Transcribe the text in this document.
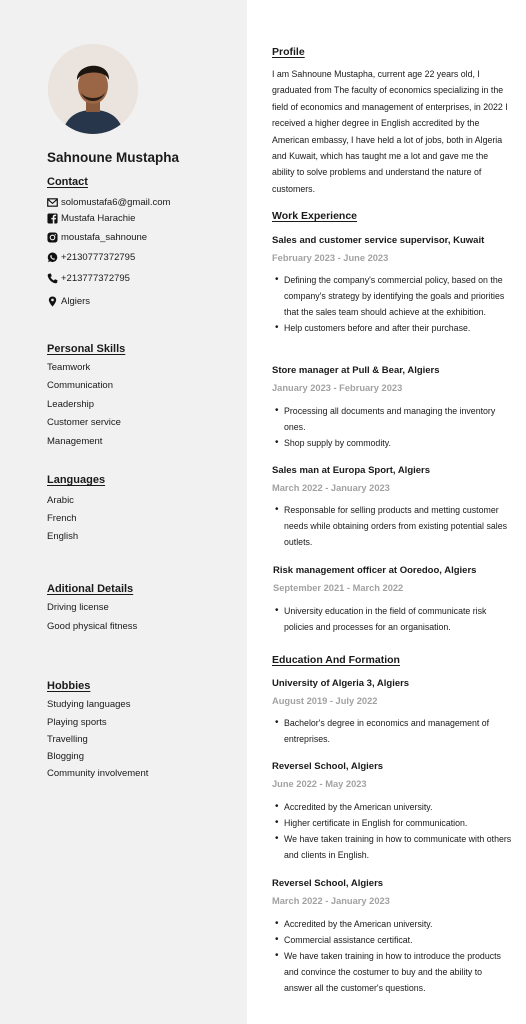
Sahnoune Mustapha
Contact
solomustafa6@gmail.com
Mustafa Harachie
moustafa_sahnoune
+2130777372795
+213777372795
Algiers
Personal Skills
Teamwork
Communication
Leadership
Customer service
Management
Languages
Arabic
French
English
Aditional Details
Driving license
Good physical fitness
Hobbies
Studying languages
Playing sports
Travelling
Blogging
Community involvement
Profile

I am Sahnoune Mustapha, current age 22 years old, I graduated from The faculty of economics specializing in the field of economics and management of enterprises, in 2022 I received a higher degree in English accredited by the American embassy, I have held a lot of jobs, both in Algeria and Kuwait, which has taught me a lot and gave me the ability to solve problems and understand the nature of customers.

Work Experience
Sales and customer service supervisor, Kuwait
February 2023 - June 2023
• Defining the company's commercial policy, based on the company's strategy by identifying the goals and priorities that the sales team should achieve at the exhibition.
• Help customers before and after their purchase.
Store manager at Pull & Bear, Algiers
January 2023 - February 2023
• Processing all documents and managing the inventory ones.
• Shop supply by commodity.
Sales man at Europa Sport, Algiers
March 2022 - January 2023
• Responsable for selling products and metting customer needs while obtaining orders from existing potential sales outlets.
Risk management officer at Ooredoo, Algiers
September 2021 - March 2022
• University education in the field of communicate risk policies and processes for an organisation.
Education And Formation
University of Algeria 3, Algiers
August 2019 - July 2022
• Bachelor's degree in economics and management of entreprises.
Reversel School, Algiers
June 2022 - May 2023
• Accredited by the American university.
• Higher certificate in English for communication.
• We have taken training in how to communicate with others and clients in English.
Reversel School, Algiers
March 2022 - January 2023
• Accredited by the American university.
• Commercial assistance certificat.
• We have taken training in how to introduce the products and convince the costumer to buy and the ability to answer all the customer's questions.
